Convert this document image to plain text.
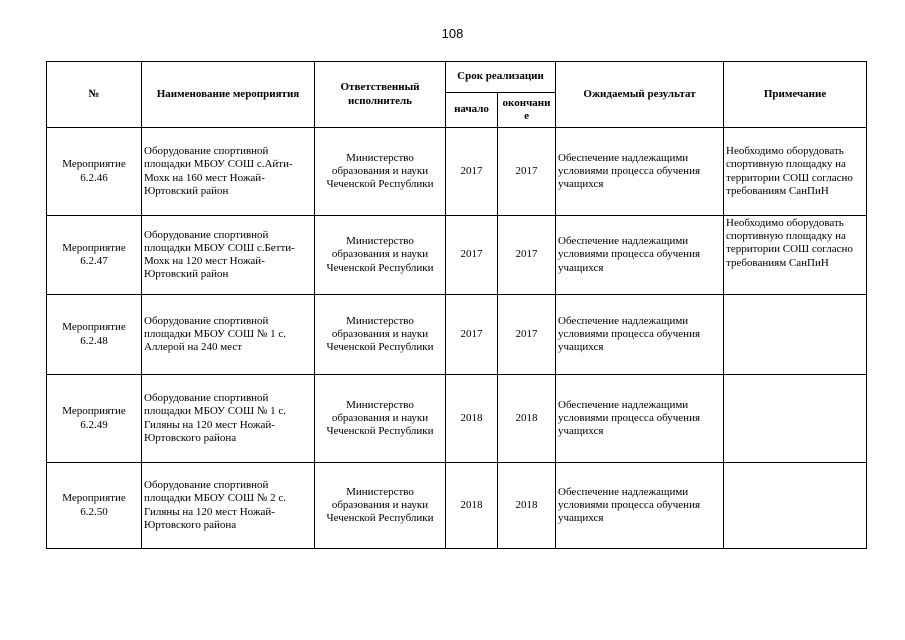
108
№	Наименование мероприятия	Ответственный исполнитель	Срок реализации		Ожидаемый результат	Примечание
			начало	окончани е		
Мероприятие 6.2.46	Оборудование спортивной площадки МБОУ СОШ с.Айти-Мохк на 160 мест Ножай-Юртовский район	Министерство образования и науки Чеченской Республики	2017	2017	Обеспечение надлежащими условиями процесса обучения учащихся	Необходимо оборудовать спортивную площадку на территории СОШ согласно требованиям СанПиН
Мероприятие 6.2.47	Оборудование спортивной площадки МБОУ СОШ с.Бетти-Мохк на 120 мест Ножай-Юртовский район	Министерство образования и науки Чеченской Республики	2017	2017	Обеспечение надлежащими условиями процесса обучения учащихся	Необходимо оборудовать спортивную площадку на территории СОШ согласно требованиям СанПиН
Мероприятие 6.2.48	Оборудование спортивной площадки МБОУ СОШ № 1 с. Аллерой на 240 мест	Министерство образования и науки Чеченской Республики	2017	2017	Обеспечение надлежащими условиями процесса обучения учащихся	
Мероприятие 6.2.49	Оборудование спортивной площадки МБОУ СОШ № 1 с. Гиляны на 120 мест Ножай-Юртовского района	Министерство образования и науки Чеченской Республики	2018	2018	Обеспечение надлежащими условиями процесса обучения учащихся	
Мероприятие 6.2.50	Оборудование спортивной площадки МБОУ СОШ № 2 с. Гиляны на 120 мест Ножай-Юртовского района	Министерство образования и науки Чеченской Республики	2018	2018	Обеспечение надлежащими условиями процесса обучения учащихся	
